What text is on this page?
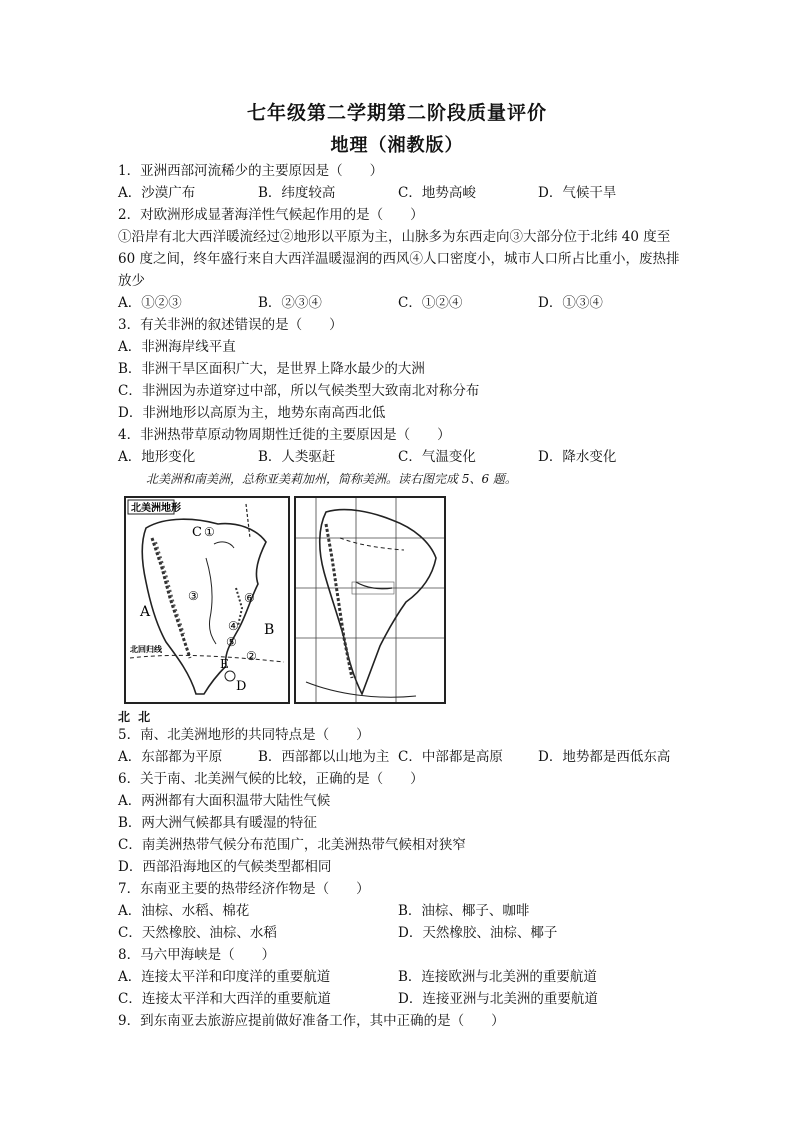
七年级第二学期第二阶段质量评价
地理（湘教版）
1．亚洲西部河流稀少的主要原因是（　　）
A．沙漠广布	B．纬度较高	C．地势高峻	D．气候干旱
2．对欧洲形成显著海洋性气候起作用的是（　　）
①沿岸有北大西洋暖流经过②地形以平原为主，山脉多为东西走向③大部分位于北纬 40 度至 60 度之间，终年盛行来自大西洋温暖湿润的西风④人口密度小，城市人口所占比重小，废热排放少
A．①②③	B．②③④	C．①②④	D．①③④
3．有关非洲的叙述错误的是（　　）
A．非洲海岸线平直
B．非洲干旱区面积广大，是世界上降水最少的大洲
C．非洲因为赤道穿过中部，所以气候类型大致南北对称分布
D．非洲地形以高原为主，地势东南高西北低
4．非洲热带草原动物周期性迁徙的主要原因是（　　）
A．地形变化	B．人类驱赶	C．气温变化	D．降水变化
北美洲和南美洲，总称亚美莉加州，简称美洲。读右图完成 5、6 题。
北美洲地形
北回归线
A
B
C
D
E
②
①
③
④
⑤
⑥
北 北
5．南、北美洲地形的共同特点是（　　）
A．东部都为平原	B．西部都以山地为主 C．中部都是高原	D．地势都是西低东高
6．关于南、北美洲气候的比较，正确的是（　　）
A．两洲都有大面积温带大陆性气候
B．两大洲气候都具有暖湿的特征
C．南美洲热带气候分布范围广，北美洲热带气候相对狭窄
D．西部沿海地区的气候类型都相同
7．东南亚主要的热带经济作物是（　　）
A．油棕、水稻、棉花	B．油棕、椰子、咖啡
C．天然橡胶、油棕、水稻	D．天然橡胶、油棕、椰子
8．马六甲海峡是（　　）
A．连接太平洋和印度洋的重要航道	B．连接欧洲与北美洲的重要航道
C．连接太平洋和大西洋的重要航道	D．连接亚洲与北美洲的重要航道
9．到东南亚去旅游应提前做好准备工作，其中正确的是（　　）
